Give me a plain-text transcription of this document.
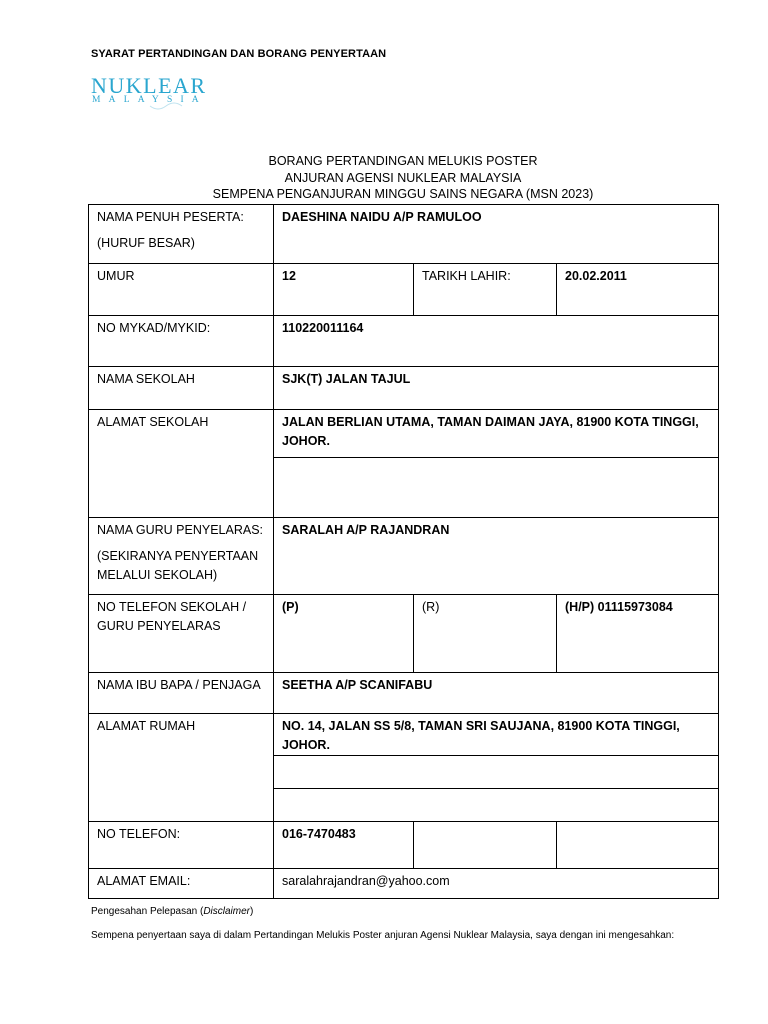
SYARAT PERTANDINGAN DAN BORANG PENYERTAAN
NUKLEAR
MALAYSIA
BORANG PERTANDINGAN MELUKIS POSTER
ANJURAN AGENSI NUKLEAR MALAYSIA
SEMPENA PENGANJURAN MINGGU SAINS NEGARA (MSN 2023)
NAMA PENUH PESERTA:
(HURUF BESAR)	DAESHINA NAIDU A/P RAMULOO		
UMUR	12	TARIKH LAHIR:	20.02.2011
NO MYKAD/MYKID:	110220011164		
NAMA SEKOLAH	SJK(T) JALAN TAJUL		
ALAMAT SEKOLAH	JALAN BERLIAN UTAMA, TAMAN DAIMAN JAYA, 81900 KOTA TINGGI, JOHOR.		

NAMA GURU PENYELARAS:
(SEKIRANYA PENYERTAAN MELALUI SEKOLAH)	SARALAH A/P RAJANDRAN		
NO TELEFON SEKOLAH / GURU PENYELARAS	(P)	(R)	(H/P) 01115973084
NAMA IBU BAPA / PENJAGA	SEETHA A/P SCANIFABU		
ALAMAT RUMAH	NO. 14, JALAN SS 5/8, TAMAN SRI SAUJANA, 81900 KOTA TINGGI, JOHOR.		

NO TELEFON:	016-7470483		
ALAMAT EMAIL:	saralahrajandran@yahoo.com		
Pengesahan Pelepasan (Disclaimer)
Sempena penyertaan saya di dalam Pertandingan Melukis Poster anjuran Agensi Nuklear Malaysia, saya dengan ini mengesahkan:
